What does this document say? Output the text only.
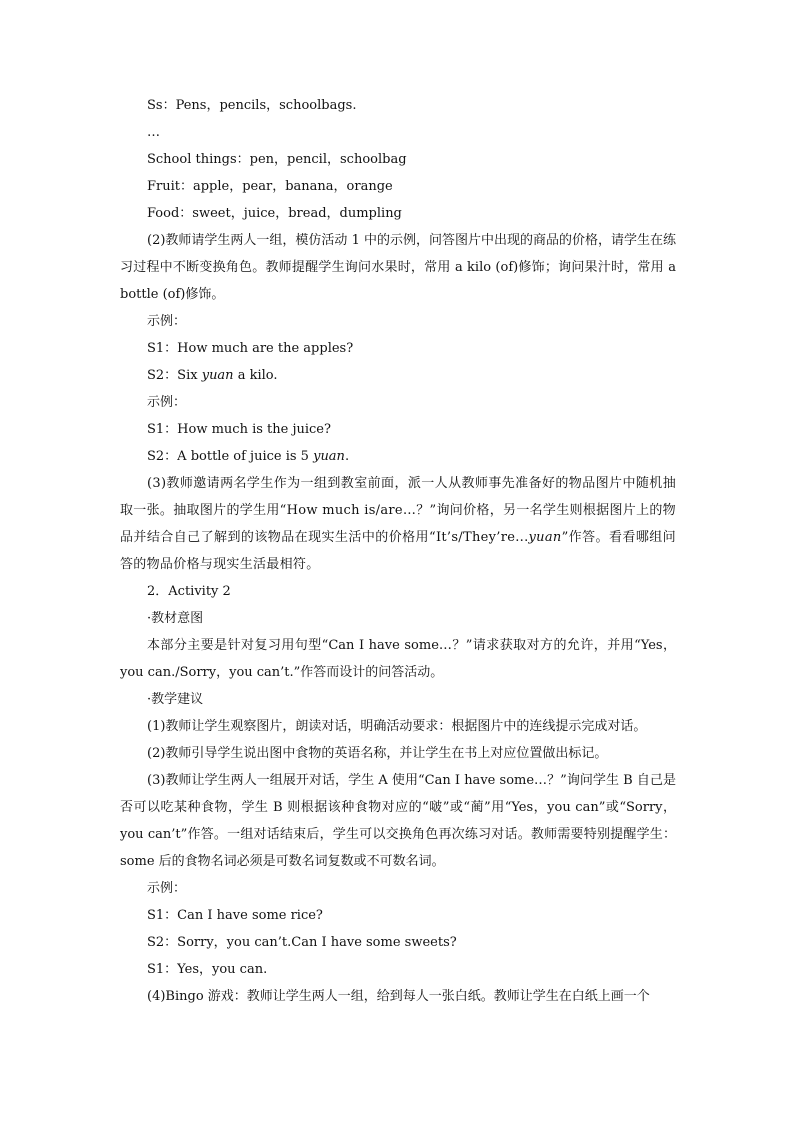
Ss：Pens，pencils，schoolbags.
…
School things：pen，pencil，schoolbag
Fruit：apple，pear，banana，orange
Food：sweet，juice，bread，dumpling
(2)教师请学生两人一组，模仿活动 1 中的示例，问答图片中出现的商品的价格，请学生在练习过程中不断变换角色。教师提醒学生询问水果时，常用 a kilo (of)修饰；询问果汁时，常用 a bottle (of)修饰。
示例：
S1：How much are the apples?
S2：Six yuan a kilo.
示例：
S1：How much is the juice?
S2：A bottle of juice is 5 yuan.
(3)教师邀请两名学生作为一组到教室前面，派一人从教师事先准备好的物品图片中随机抽取一张。抽取图片的学生用“How much is/are…？”询问价格，另一名学生则根据图片上的物品并结合自己了解到的该物品在现实生活中的价格用“It’s/They’re...yuan”作答。看看哪组问答的物品价格与现实生活最相符。
2．Activity 2
·教材意图
本部分主要是针对复习用句型“Can I have some…？”请求获取对方的允许，并用“Yes，you can./Sorry，you can’t.”作答而设计的问答活动。
·教学建议
(1)教师让学生观察图片，朗读对话，明确活动要求：根据图片中的连线提示完成对话。
(2)教师引导学生说出图中食物的英语名称，并让学生在书上对应位置做出标记。
(3)教师让学生两人一组展开对话，学生 A 使用“Can I have some…？”询问学生 B 自己是否可以吃某种食物，学生 B 则根据该种食物对应的“啵”或“蔺”用“Yes，you can”或“Sorry，you can’t”作答。一组对话结束后，学生可以交换角色再次练习对话。教师需要特别提醒学生：some 后的食物名词必须是可数名词复数或不可数名词。
示例：
S1：Can I have some rice?
S2：Sorry，you can’t.Can I have some sweets?
S1：Yes，you can.
(4)Bingo 游戏：教师让学生两人一组，给到每人一张白纸。教师让学生在白纸上画一个
